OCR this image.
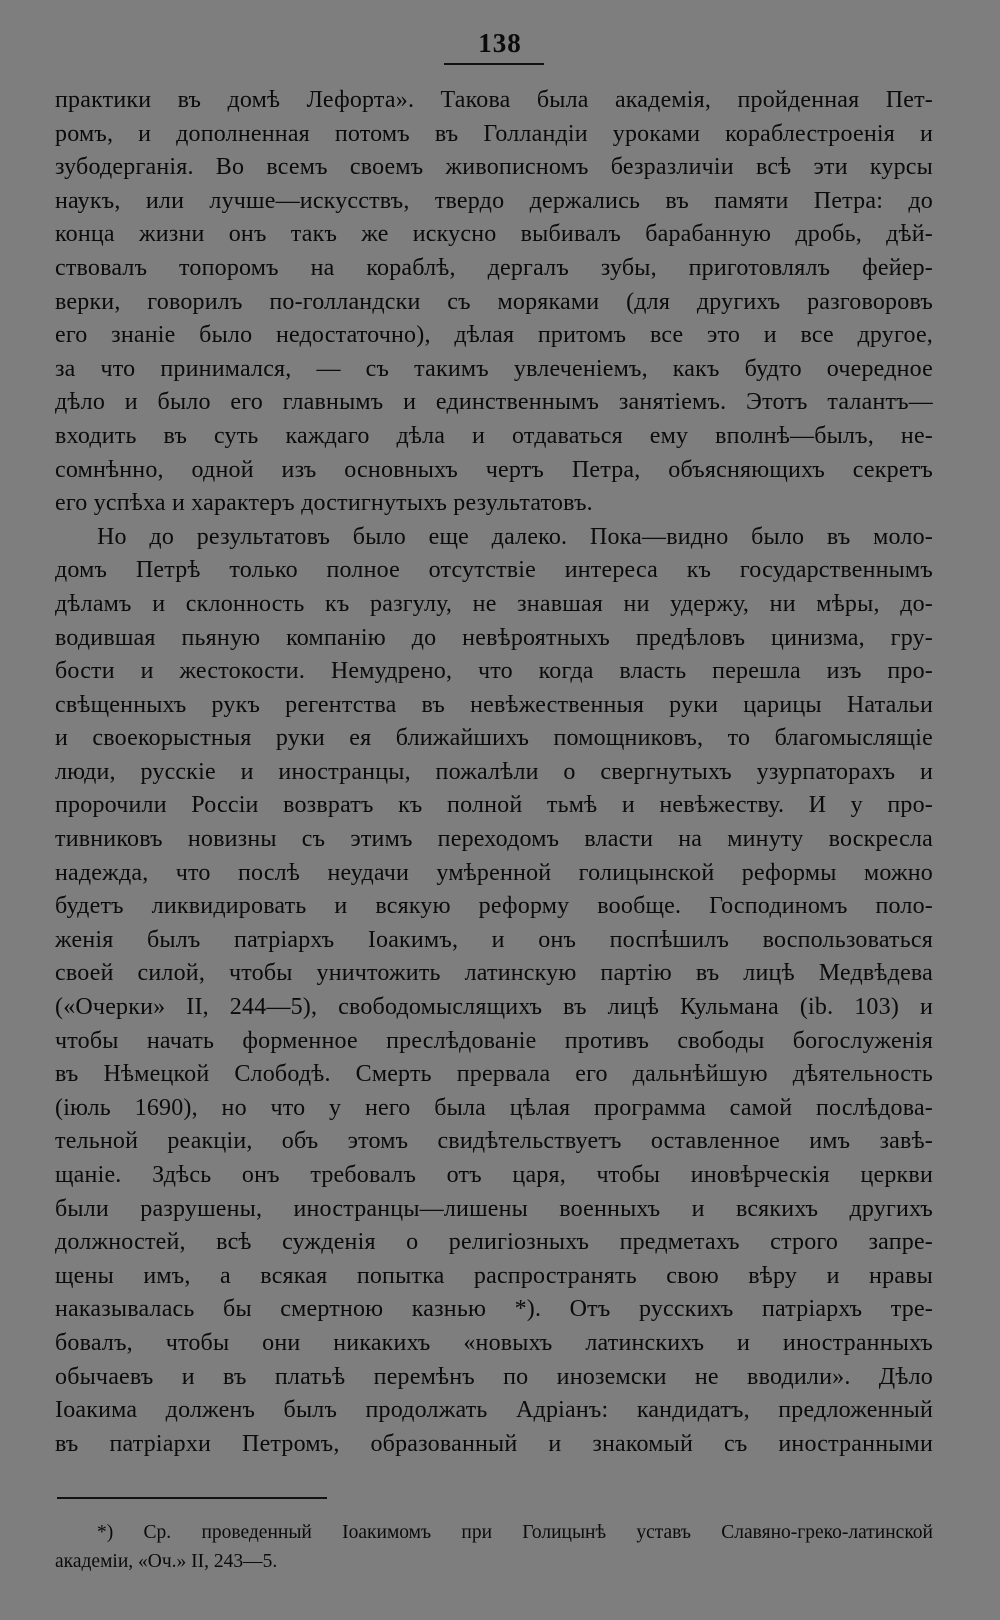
138
практики въ домѣ Лефорта». Такова была академія, пройденная Пет-
ромъ, и дополненная потомъ въ Голландіи уроками кораблестроенія и
зубодерганія. Во всемъ своемъ живописномъ безразличіи всѣ эти курсы
наукъ, или лучше—искусствъ, твердо держались въ памяти Петра: до
конца жизни онъ такъ же искусно выбивалъ барабанную дробь, дѣй-
ствовалъ топоромъ на кораблѣ, дергалъ зубы, приготовлялъ фейер-
верки, говорилъ по-голландски съ моряками (для другихъ разговоровъ
его знаніе было недостаточно), дѣлая притомъ все это и все другое,
за что принимался, — съ такимъ увлеченіемъ, какъ будто очередное
дѣло и было его главнымъ и единственнымъ занятіемъ. Этотъ талантъ—
входить въ суть каждаго дѣла и отдаваться ему вполнѣ—былъ, не-
сомнѣнно, одной изъ основныхъ чертъ Петра, объясняющихъ секретъ
его успѣха и характеръ достигнутыхъ результатовъ.
Но до результатовъ было еще далеко. Пока—видно было въ моло-
домъ Петрѣ только полное отсутствіе интереса къ государственнымъ
дѣламъ и склонность къ разгулу, не знавшая ни удержу, ни мѣры, до-
водившая пьяную компанію до невѣроятныхъ предѣловъ цинизма, гру-
бости и жестокости. Немудрено, что когда власть перешла изъ про-
свѣщенныхъ рукъ регентства въ невѣжественныя руки царицы Натальи
и своекорыстныя руки ея ближайшихъ помощниковъ, то благомыслящіе
люди, русскіе и иностранцы, пожалѣли о свергнутыхъ узурпаторахъ и
пророчили Россіи возвратъ къ полной тьмѣ и невѣжеству. И у про-
тивниковъ новизны съ этимъ переходомъ власти на минуту воскресла
надежда, что послѣ неудачи умѣренной голицынской реформы можно
будетъ ликвидировать и всякую реформу вообще. Господиномъ поло-
женія былъ патріархъ Іоакимъ, и онъ поспѣшилъ воспользоваться
своей силой, чтобы уничтожить латинскую партію въ лицѣ Медвѣдева
(«Очерки» II, 244—5), свободомыслящихъ въ лицѣ Кульмана (ib. 103) и
чтобы начать форменное преслѣдованіе противъ свободы богослуженія
въ Нѣмецкой Слободѣ. Смерть прервала его дальнѣйшую дѣятельность
(іюль 1690), но что у него была цѣлая программа самой послѣдова-
тельной реакціи, объ этомъ свидѣтельствуетъ оставленное имъ завѣ-
щаніе. Здѣсь онъ требовалъ отъ царя, чтобы иновѣрческія церкви
были разрушены, иностранцы—лишены военныхъ и всякихъ другихъ
должностей, всѣ сужденія о религіозныхъ предметахъ строго запре-
щены имъ, а всякая попытка распространять свою вѣру и нравы
наказывалась бы смертною казнью *). Отъ русскихъ патріархъ тре-
бовалъ, чтобы они никакихъ «новыхъ латинскихъ и иностранныхъ
обычаевъ и въ платьѣ перемѣнъ по иноземски не вводили». Дѣло
Іоакима долженъ былъ продолжать Адріанъ: кандидатъ, предложенный
въ патріархи Петромъ, образованный и знакомый съ иностранными
*) Ср. проведенный Іоакимомъ при Голицынѣ уставъ Славяно-греко-латинской
академіи, «Оч.» II, 243—5.
